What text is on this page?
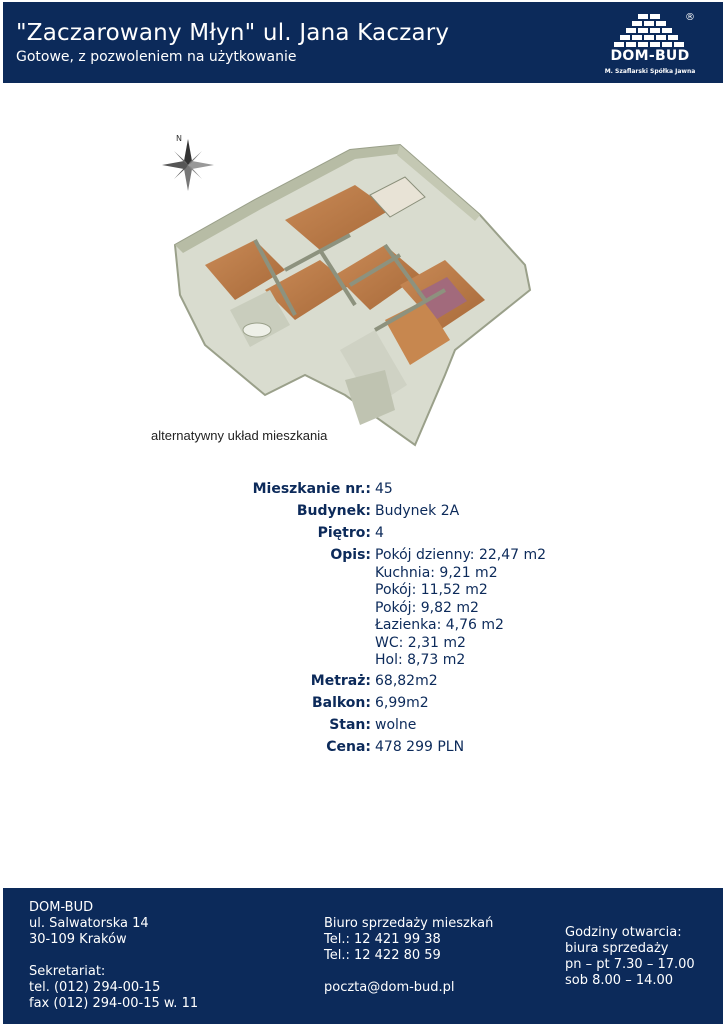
"Zaczarowany Młyn" ul. Jana Kaczary
Gotowe, z pozwoleniem na użytkowanie	DOM-BUD
M. Szaflarski Spółka Jawna
®
N
alternatywny układ mieszkania
Mieszkanie nr.: 45
Budynek: Budynek 2A
Piętro: 4
Opis: Pokój dzienny: 22,47 m2
Kuchnia: 9,21 m2
Pokój: 11,52 m2
Pokój: 9,82 m2
Łazienka: 4,76 m2
WC: 2,31 m2
Hol: 8,73 m2
Metraż: 68,82m2
Balkon: 6,99m2
Stan: wolne
Cena: 478 299 PLN
DOM-BUD
ul. Salwatorska 14
30-109 Kraków
Sekretariat:
tel. (012) 294-00-15
fax (012) 294-00-15 w. 11
Biuro sprzedaży mieszkań
Tel.: 12 421 99 38
Tel.: 12 422 80 59
poczta@dom-bud.pl
Godziny otwarcia:
biura sprzedaży
pn – pt 7.30 – 17.00
sob 8.00 – 14.00
